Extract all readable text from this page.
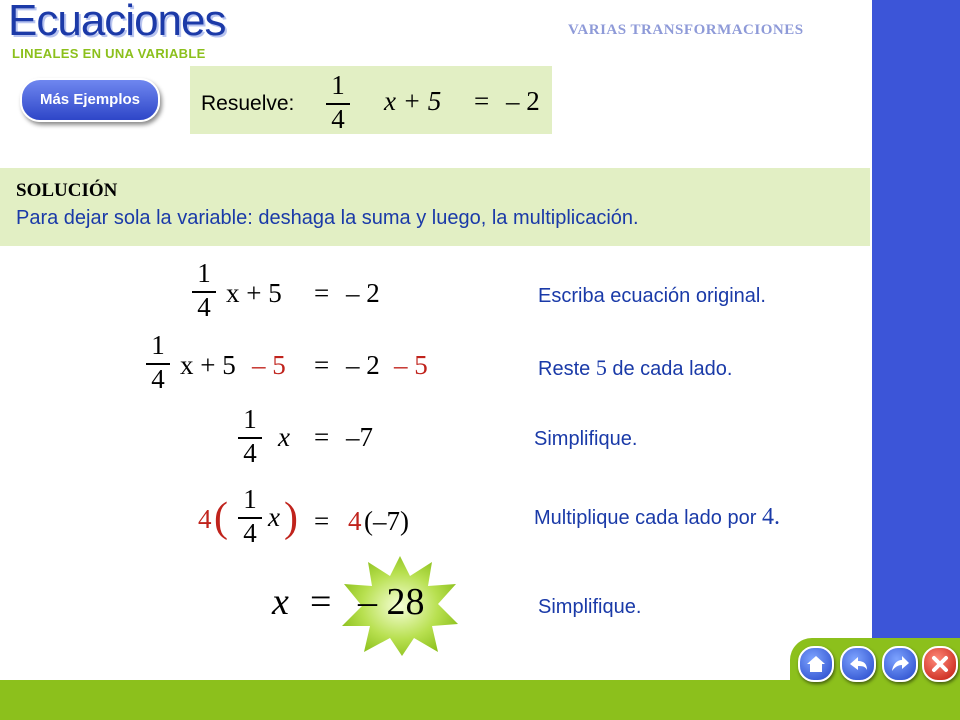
Ecuaciones
LINEALES EN UNA VARIABLE
VARIAS TRANSFORMACIONES
Más Ejemplos	Resuelve:
1
4
x + 5 = – 2
SOLUCIÓN
Para dejar sola la variable: deshaga la suma y luego, la multiplicación.
1
4 x + 5 = – 2	Escriba ecuación original.
1
4 x + 5 – 5 = – 2 – 5	Reste 5 de cada lado.
1
4
x = –7	Simplifique.
4 ( 1
4
x ) = 4 (–7)	Multiplique cada lado por 4.
x = – 28	Simplifique.
